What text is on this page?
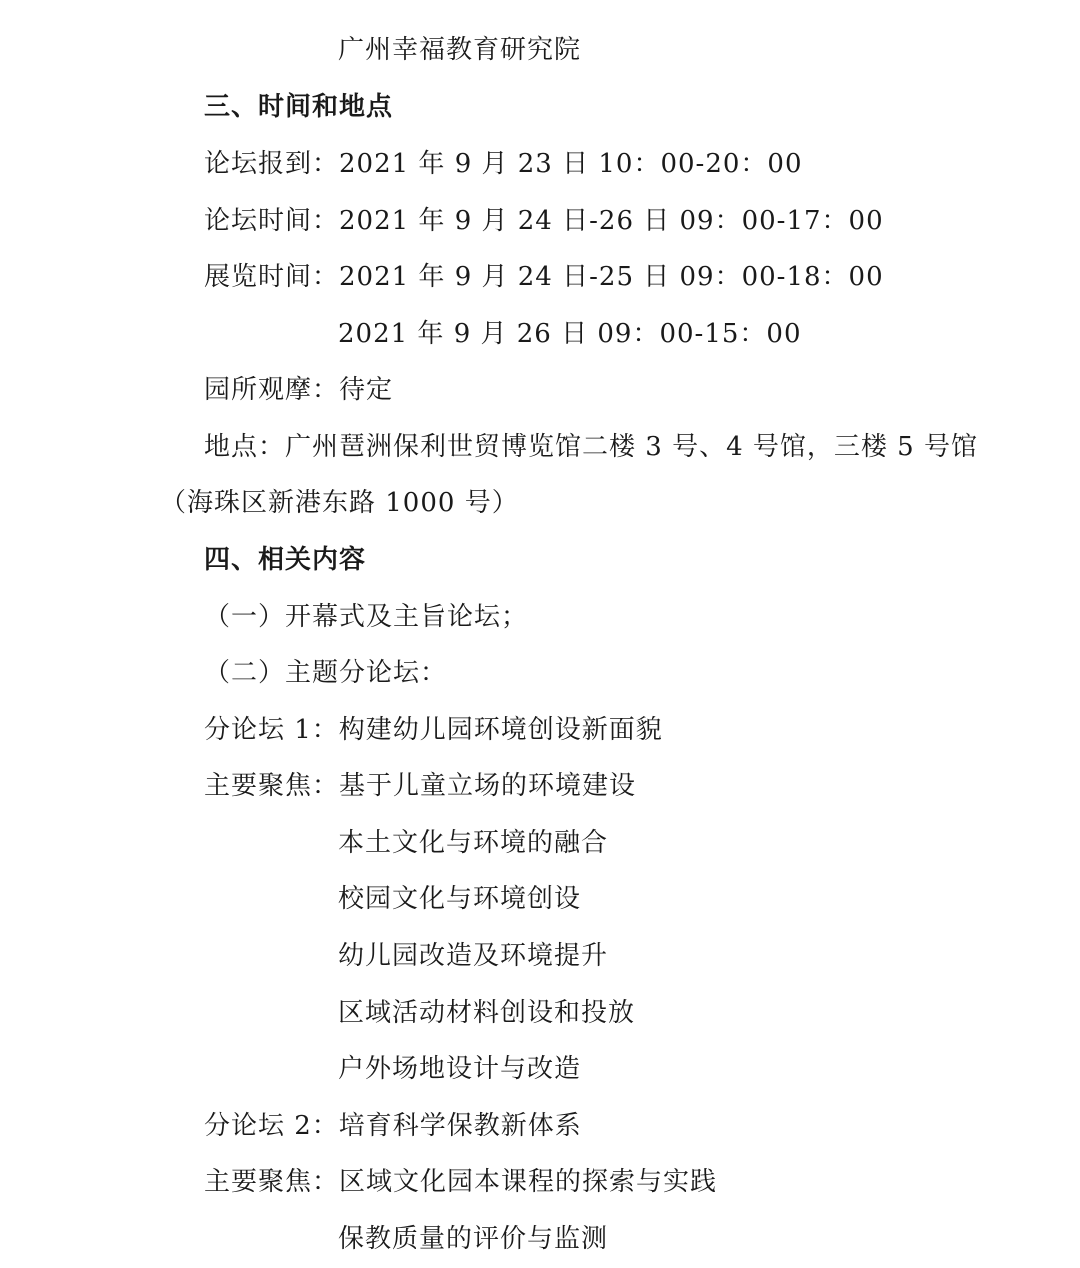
广州幸福教育研究院
三、时间和地点
论坛报到：2021 年 9 月 23 日 10：00-20：00
论坛时间：2021 年 9 月 24 日-26 日 09：00-17：00
展览时间：2021 年 9 月 24 日-25 日 09：00-18：00
2021 年 9 月 26 日 09：00-15：00
园所观摩：待定
地点：广州琶洲保利世贸博览馆二楼 3 号、4 号馆，三楼 5 号馆
（海珠区新港东路 1000 号）
四、相关内容
（一）开幕式及主旨论坛；
（二）主题分论坛：
分论坛 1：构建幼儿园环境创设新面貌
主要聚焦：基于儿童立场的环境建设
本土文化与环境的融合
校园文化与环境创设
幼儿园改造及环境提升
区域活动材料创设和投放
户外场地设计与改造
分论坛 2：培育科学保教新体系
主要聚焦：区域文化园本课程的探索与实践
保教质量的评价与监测
